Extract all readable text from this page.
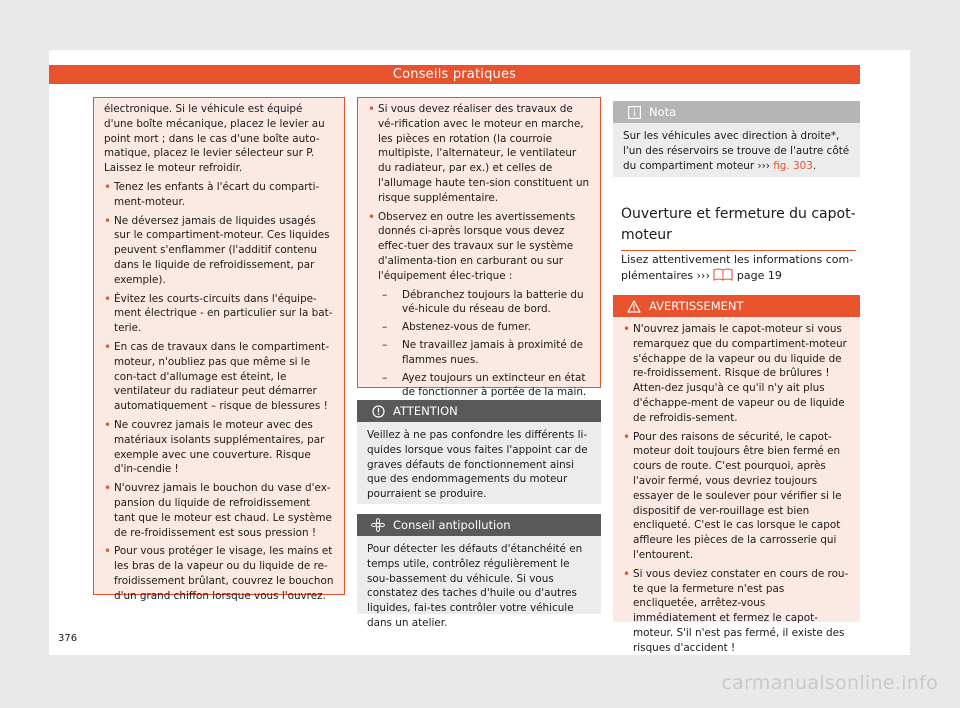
Conseils pratiques

électronique. Si le véhicule est équipé d'une boîte mécanique, placez le levier au point mort ; dans le cas d'une boîte auto-matique, placez le levier sélecteur sur P. Laissez le moteur refroidir.

• Tenez les enfants à l'écart du comparti-ment-moteur.
• Ne déversez jamais de liquides usagés sur le compartiment-moteur. Ces liquides peuvent s'enflammer (l'additif contenu dans le liquide de refroidissement, par exemple).
• Évitez les courts-circuits dans l'équipe-ment électrique - en particulier sur la bat-terie.
• En cas de travaux dans le compartiment-moteur, n'oubliez pas que même si le con-tact d'allumage est éteint, le ventilateur du radiateur peut démarrer automatiquement – risque de blessures !
• Ne couvrez jamais le moteur avec des matériaux isolants supplémentaires, par exemple avec une couverture. Risque d'in-cendie !
• N'ouvrez jamais le bouchon du vase d'ex-pansion du liquide de refroidissement tant que le moteur est chaud. Le système de re-froidissement est sous pression !
• Pour vous protéger le visage, les mains et les bras de la vapeur ou du liquide de re-froidissement brûlant, couvrez le bouchon d'un grand chiffon lorsque vous l'ouvrez.
• Si vous devez réaliser des travaux de vé-rification avec le moteur en marche, les pièces en rotation (la courroie multipiste, l'alternateur, le ventilateur du radiateur, par ex.) et celles de l'allumage haute ten-sion constituent un risque supplémentaire.
• Observez en outre les avertissements donnés ci-après lorsque vous devez effec-tuer des travaux sur le système d'alimenta-tion en carburant ou sur l'équipement élec-trique :
– Débranchez toujours la batterie du vé-hicule du réseau de bord.
– Abstenez-vous de fumer.
– Ne travaillez jamais à proximité de flammes nues.
– Ayez toujours un extincteur en état de fonctionner à portée de la main.
ATTENTION
Veillez à ne pas confondre les différents li-quides lorsque vous faites l'appoint car de graves défauts de fonctionnement ainsi que des endommagements du moteur pourraient se produire.
Conseil antipollution
Pour détecter les défauts d'étanchéité en temps utile, contrôlez régulièrement le sou-bassement du véhicule. Si vous constatez des taches d'huile ou d'autres liquides, fai-tes contrôler votre véhicule dans un atelier.
Nota
Sur les véhicules avec direction à droite*, l'un des réservoirs se trouve de l'autre côté du compartiment moteur ››› fig. 303.
Ouverture et fermeture du capot-moteur
Lisez attentivement les informations com-plémentaires ››› page 19
AVERTISSEMENT
• N'ouvrez jamais le capot-moteur si vous remarquez que du compartiment-moteur s'échappe de la vapeur ou du liquide de re-froidissement. Risque de brûlures ! Atten-dez jusqu'à ce qu'il n'y ait plus d'échappe-ment de vapeur ou de liquide de refroidis-sement.
• Pour des raisons de sécurité, le capot-moteur doit toujours être bien fermé en cours de route. C'est pourquoi, après l'avoir fermé, vous devriez toujours essayer de le soulever pour vérifier si le dispositif de ver-rouillage est bien encliqueté. C'est le cas lorsque le capot affleure les pièces de la carrosserie qui l'entourent.
• Si vous deviez constater en cours de rou-te que la fermeture n'est pas encliquetée, arrêtez-vous immédiatement et fermez le capot-moteur. S'il n'est pas fermé, il existe des risques d'accident !
376
carmanualsonline.info
